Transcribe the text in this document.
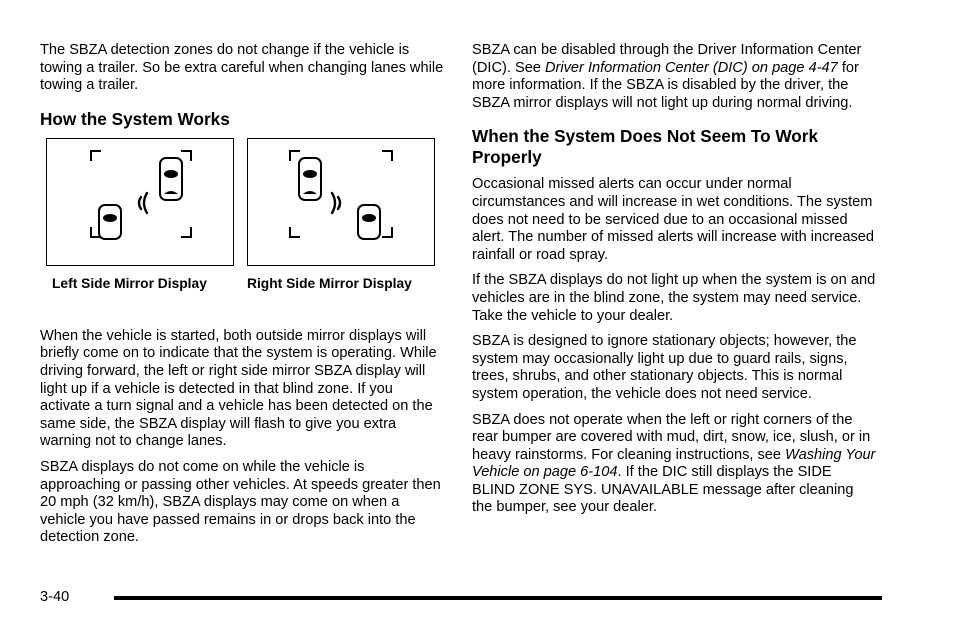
The SBZA detection zones do not change if the vehicle is towing a trailer. So be extra careful when changing lanes while towing a trailer.

How the System Works
Left Side Mirror Display	Right Side Mirror Display

When the vehicle is started, both outside mirror displays will briefly come on to indicate that the system is operating. While driving forward, the left or right side mirror SBZA display will light up if a vehicle is detected in that blind zone. If you activate a turn signal and a vehicle has been detected on the same side, the SBZA display will flash to give you extra warning not to change lanes.

SBZA displays do not come on while the vehicle is approaching or passing other vehicles. At speeds greater then 20 mph (32 km/h), SBZA displays may come on when a vehicle you have passed remains in or drops back into the detection zone.

SBZA can be disabled through the Driver Information Center (DIC). See Driver Information Center (DIC) on page 4-47 for more information. If the SBZA is disabled by the driver, the SBZA mirror displays will not light up during normal driving.

When the System Does Not Seem To Work Properly

Occasional missed alerts can occur under normal circumstances and will increase in wet conditions. The system does not need to be serviced due to an occasional missed alert. The number of missed alerts will increase with increased rainfall or road spray.

If the SBZA displays do not light up when the system is on and vehicles are in the blind zone, the system may need service. Take the vehicle to your dealer.

SBZA is designed to ignore stationary objects; however, the system may occasionally light up due to guard rails, signs, trees, shrubs, and other stationary objects. This is normal system operation, the vehicle does not need service.

SBZA does not operate when the left or right corners of the rear bumper are covered with mud, dirt, snow, ice, slush, or in heavy rainstorms. For cleaning instructions, see Washing Your Vehicle on page 6-104. If the DIC still displays the SIDE BLIND ZONE SYS. UNAVAILABLE message after cleaning the bumper, see your dealer.

3-40
